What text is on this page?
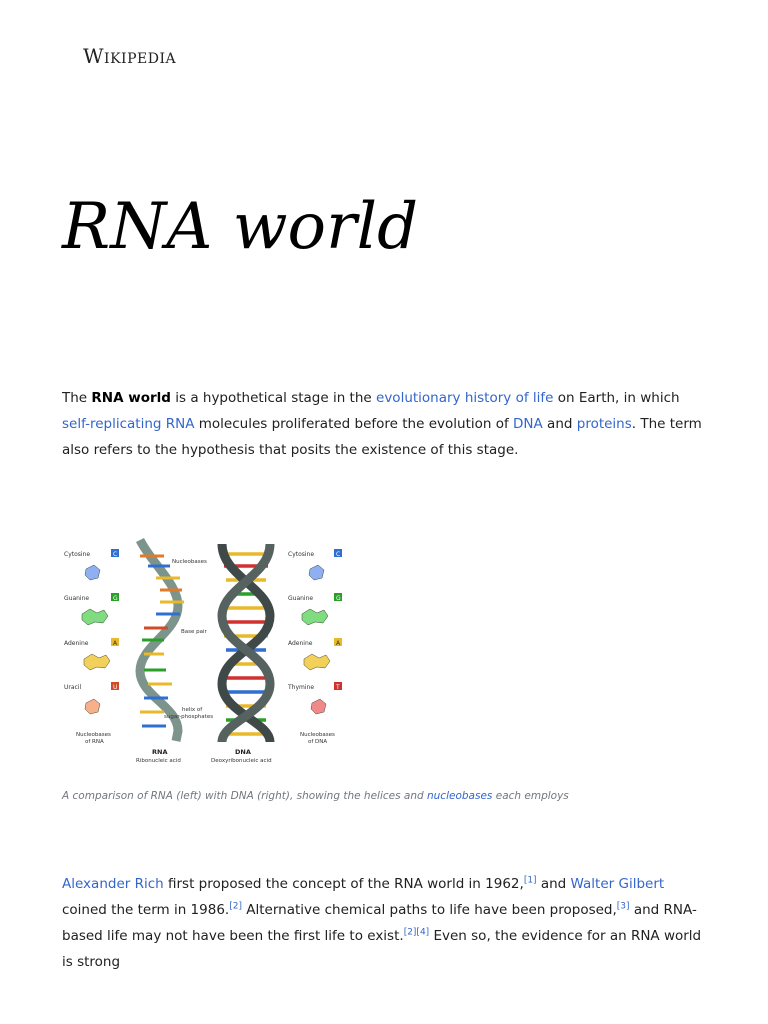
Wikipedia
RNA world

The RNA world is a hypothetical stage in the evolutionary history of life on Earth, in which self-replicating RNA molecules proliferated before the evolution of DNA and proteins. The term also refers to the hypothesis that posits the existence of this stage.

Cytosine	C
Guanine	G
Adenine	A
Uracil	U
Nucleobases
of RNA
Nucleobases
Base pair
helix of
sugar-phosphates
Cytosine	C
Guanine	G
Adenine	A
Thymine	T
Nucleobases
of DNA
RNA
Ribonucleic acid
DNA
Deoxyribonucleic acid
A comparison of RNA (left) with DNA (right), showing the helices and nucleobases each employs

Alexander Rich first proposed the concept of the RNA world in 1962,[1] and Walter Gilbert coined the term in 1986.[2] Alternative chemical paths to life have been proposed,[3] and RNA-based life may not have been the first life to exist.[2][4] Even so, the evidence for an RNA world is strong
